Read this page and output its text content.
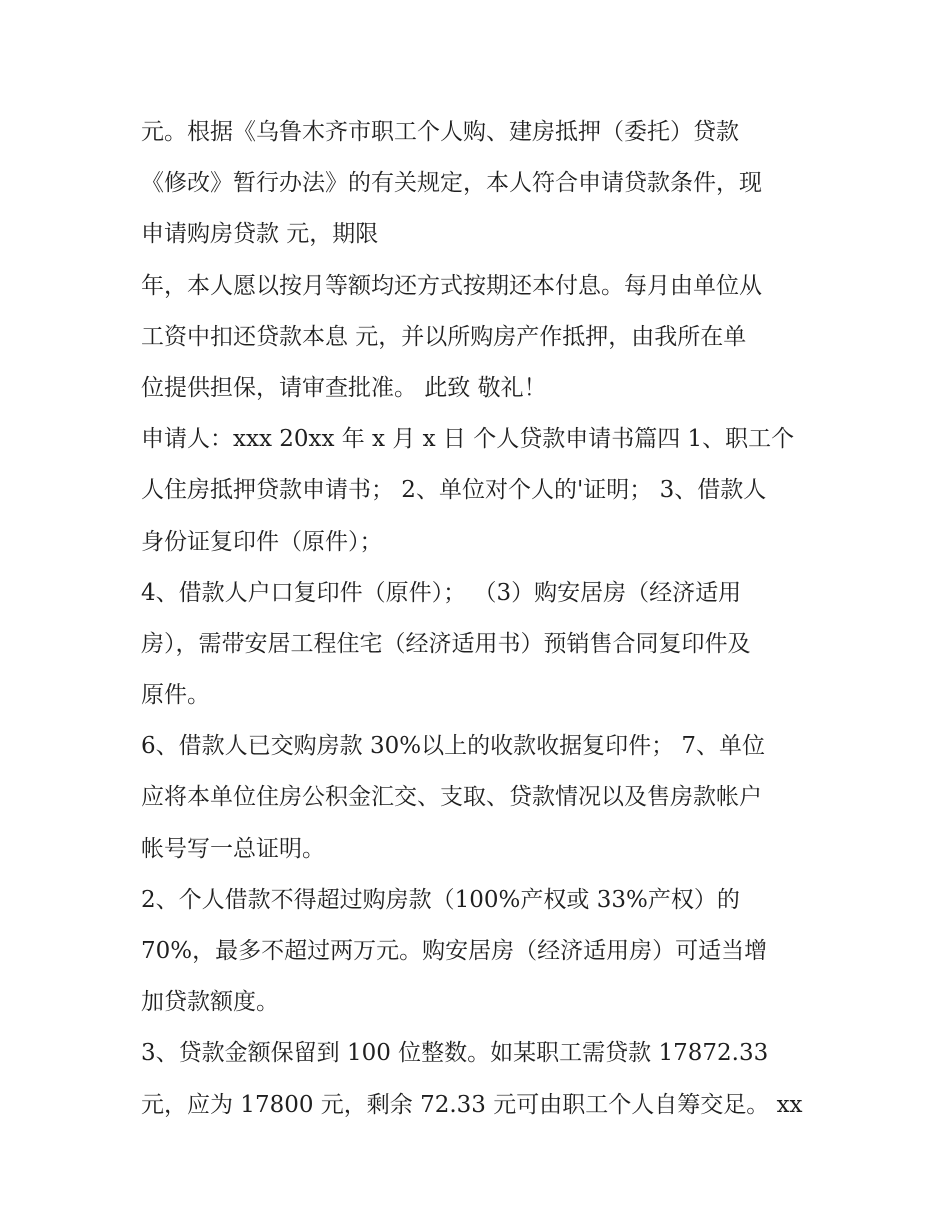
元。根据《乌鲁木齐市职工个人购、建房抵押（委托）贷款
《修改》暂行办法》的有关规定，本人符合申请贷款条件，现
申请购房贷款 元，期限
年，本人愿以按月等额均还方式按期还本付息。每月由单位从
工资中扣还贷款本息 元，并以所购房产作抵押，由我所在单
位提供担保，请审查批准。 此致 敬礼！
申请人：xxx 20xx 年 x 月 x 日 个人贷款申请书篇四 1、职工个
人住房抵押贷款申请书； 2、单位对个人的'证明； 3、借款人
身份证复印件（原件）；
4、借款人户口复印件（原件）； （3）购安居房（经济适用
房），需带安居工程住宅（经济适用书）预销售合同复印件及
原件。
6、借款人已交购房款 30%以上的收款收据复印件； 7、单位
应将本单位住房公积金汇交、支取、贷款情况以及售房款帐户
帐号写一总证明。
2、个人借款不得超过购房款（100%产权或 33%产权）的
70%，最多不超过两万元。购安居房（经济适用房）可适当增
加贷款额度。
3、贷款金额保留到 100 位整数。如某职工需贷款 17872.33
元，应为 17800 元，剩余 72.33 元可由职工个人自筹交足。 xx
